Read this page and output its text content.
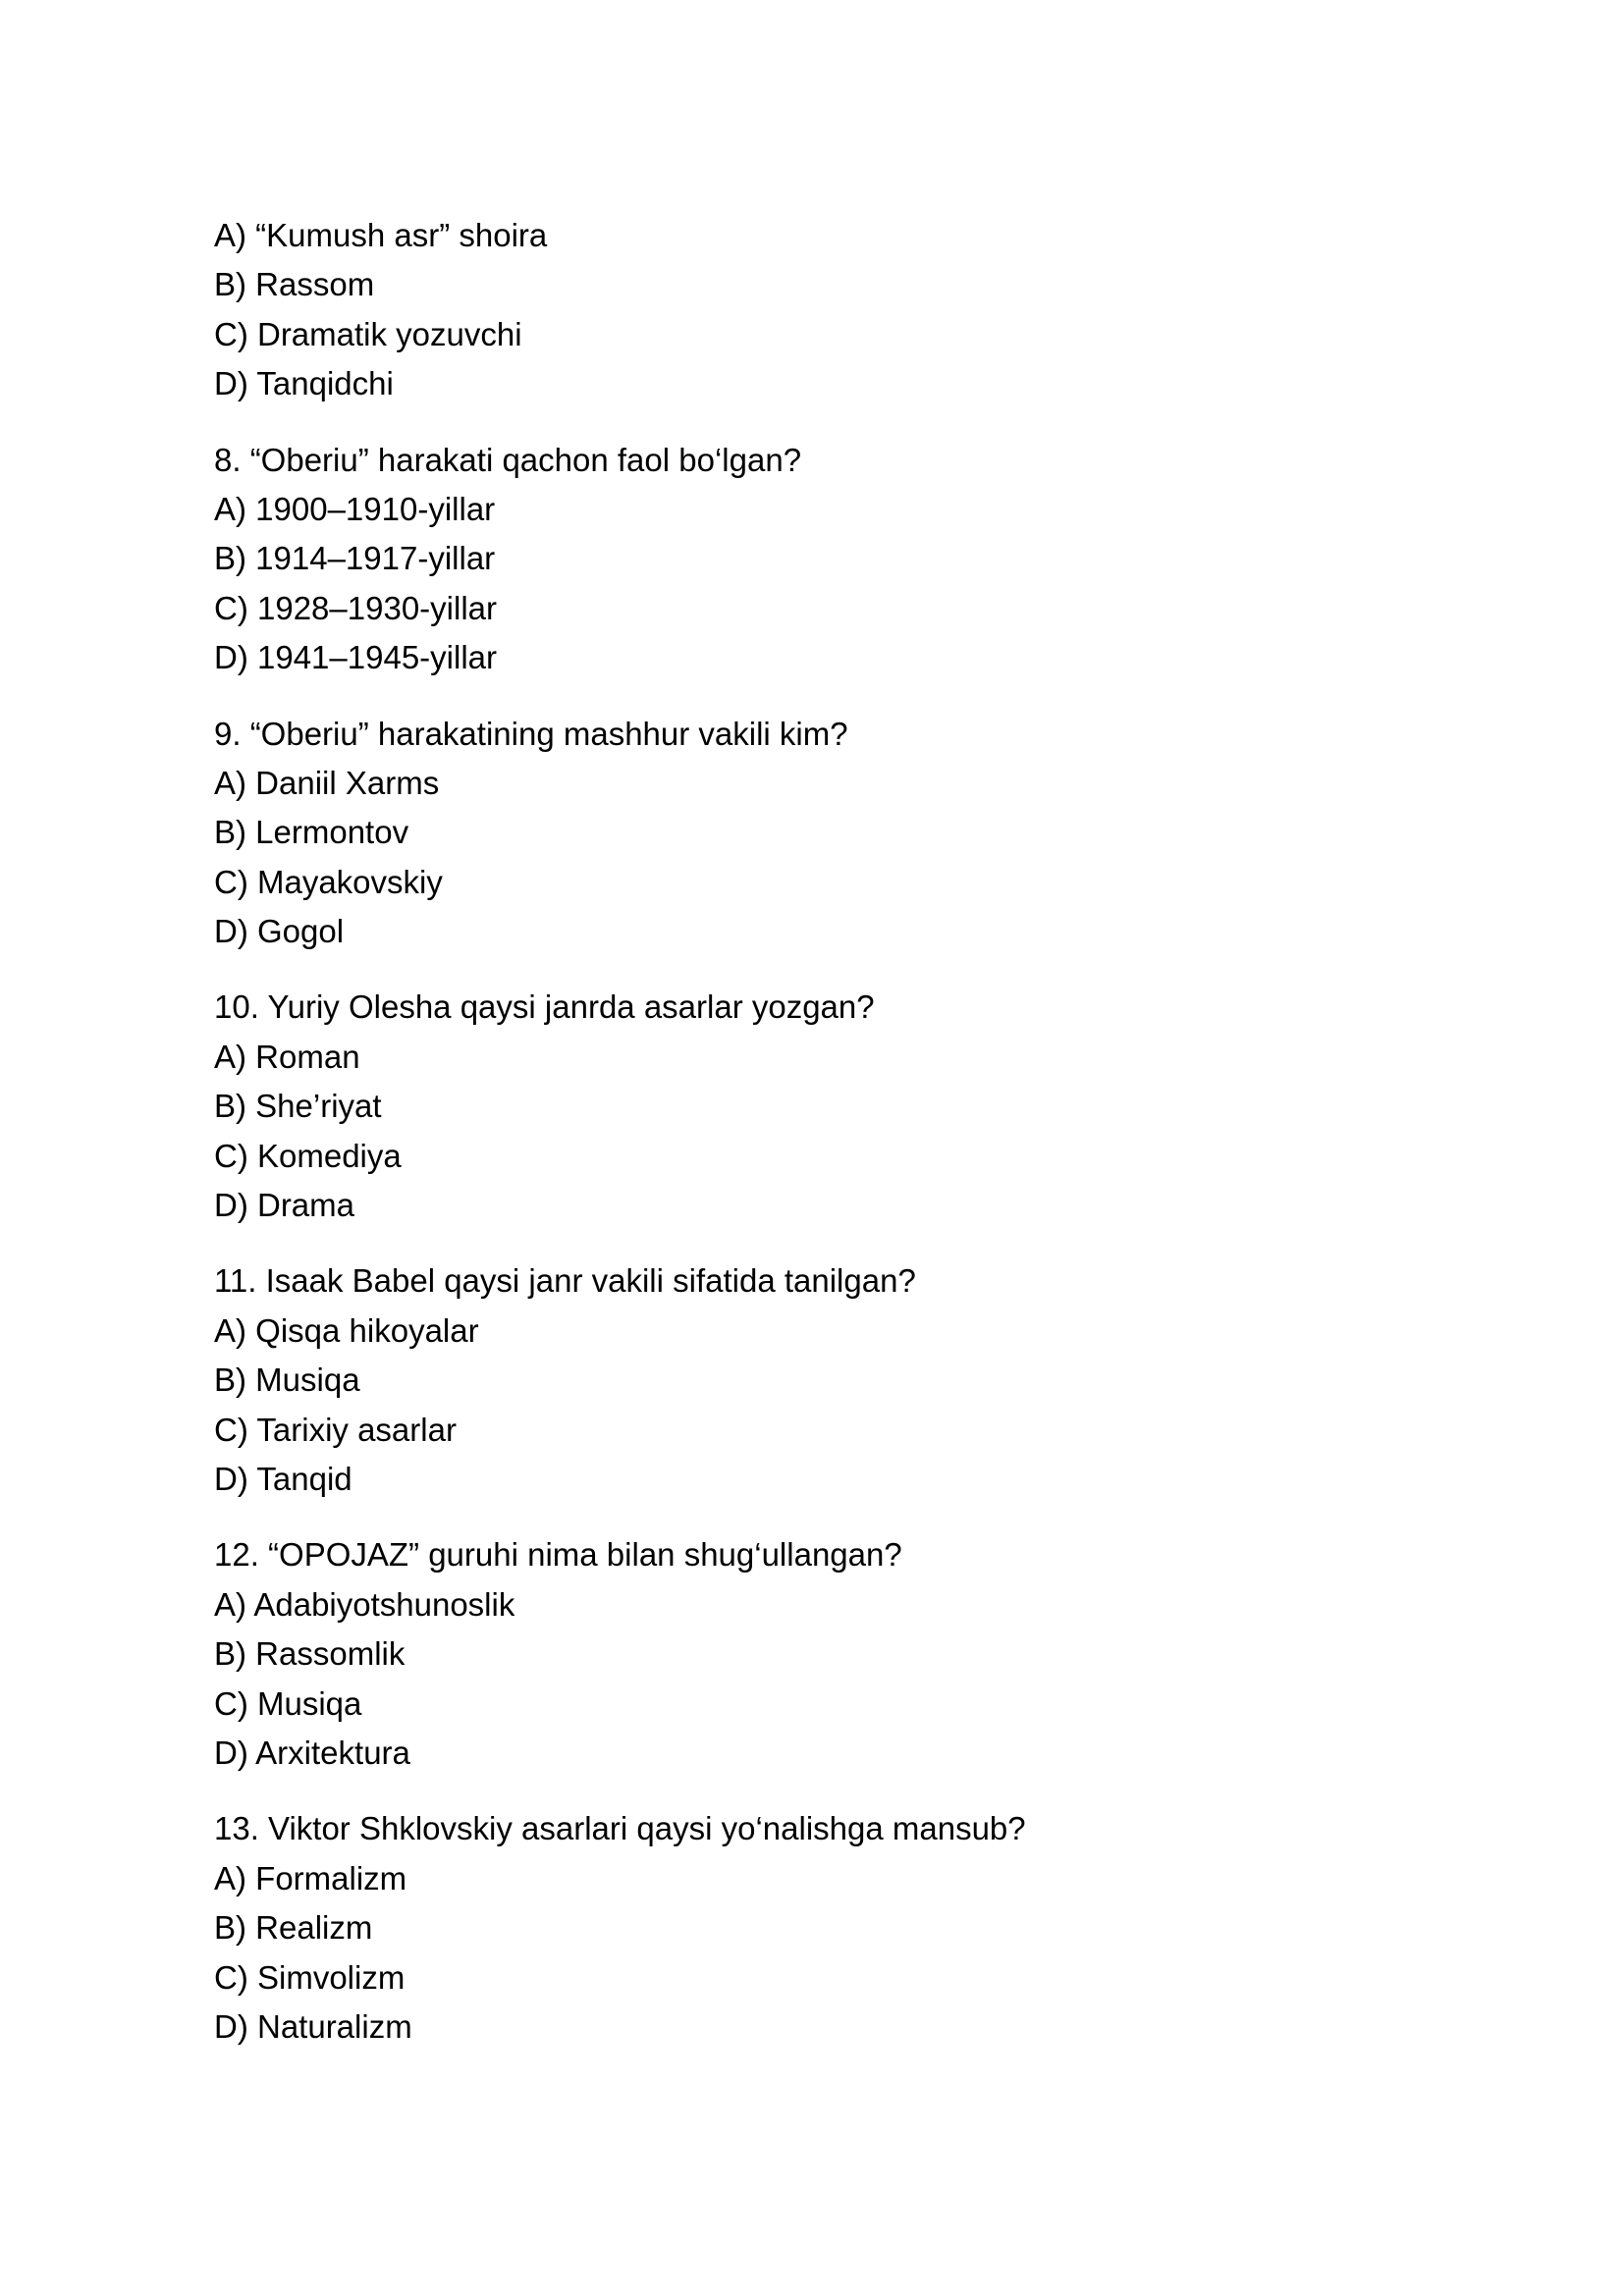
A) “Kumush asr” shoira
B) Rassom
C) Dramatik yozuvchi
D) Tanqidchi
8. “Oberiu” harakati qachon faol bo‘lgan?
A) 1900–1910-yillar
B) 1914–1917-yillar
C) 1928–1930-yillar
D) 1941–1945-yillar
9. “Oberiu” harakatining mashhur vakili kim?
A) Daniil Xarms
B) Lermontov
C) Mayakovskiy
D) Gogol
10. Yuriy Olesha qaysi janrda asarlar yozgan?
A) Roman
B) She’riyat
C) Komediya
D) Drama
11. Isaak Babel qaysi janr vakili sifatida tanilgan?
A) Qisqa hikoyalar
B) Musiqa
C) Tarixiy asarlar
D) Tanqid
12. “OPOJAZ” guruhi nima bilan shug‘ullangan?
A) Adabiyotshunoslik
B) Rassomlik
C) Musiqa
D) Arxitektura
13. Viktor Shklovskiy asarlari qaysi yo‘nalishga mansub?
A) Formalizm
B) Realizm
C) Simvolizm
D) Naturalizm
